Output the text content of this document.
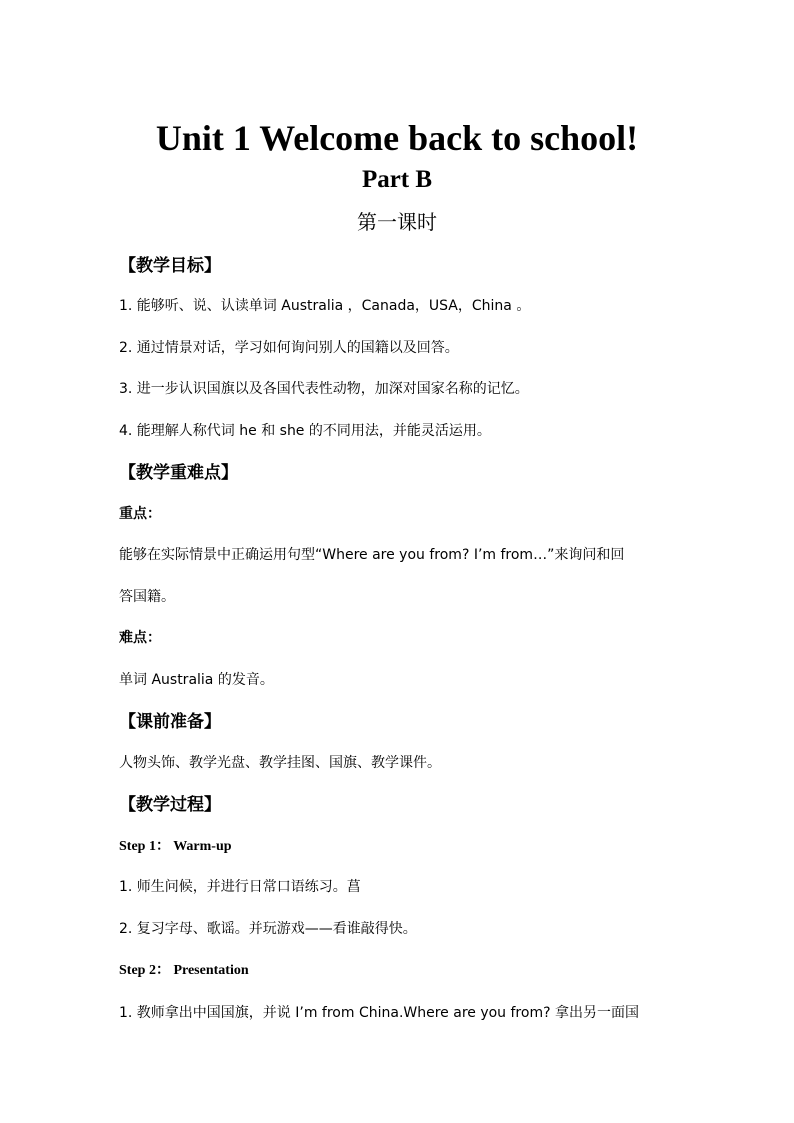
Unit 1 Welcome back to school!
Part B
第一课时
【教学目标】
1. 能够听、说、认读单词 Australia ，Canada，USA，China 。
2. 通过情景对话，学习如何询问别人的国籍以及回答。
3. 进一步认识国旗以及各国代表性动物，加深对国家名称的记忆。
4. 能理解人称代词 he 和 she 的不同用法，并能灵活运用。
【教学重难点】
重点：
能够在实际情景中正确运用句型“Where are you from? I’m from…”来询问和回
答国籍。
难点：
单词 Australia 的发音。
【课前准备】
人物头饰、教学光盘、教学挂图、国旗、教学课件。
【教学过程】
Step 1： Warm-up
1. 师生问候，并进行日常口语练习。菖
2. 复习字母、歌谣。并玩游戏——看谁敲得快。
Step 2： Presentation
1. 教师拿出中国国旗，并说 I’m from China.Where are you from? 拿出另一面国
